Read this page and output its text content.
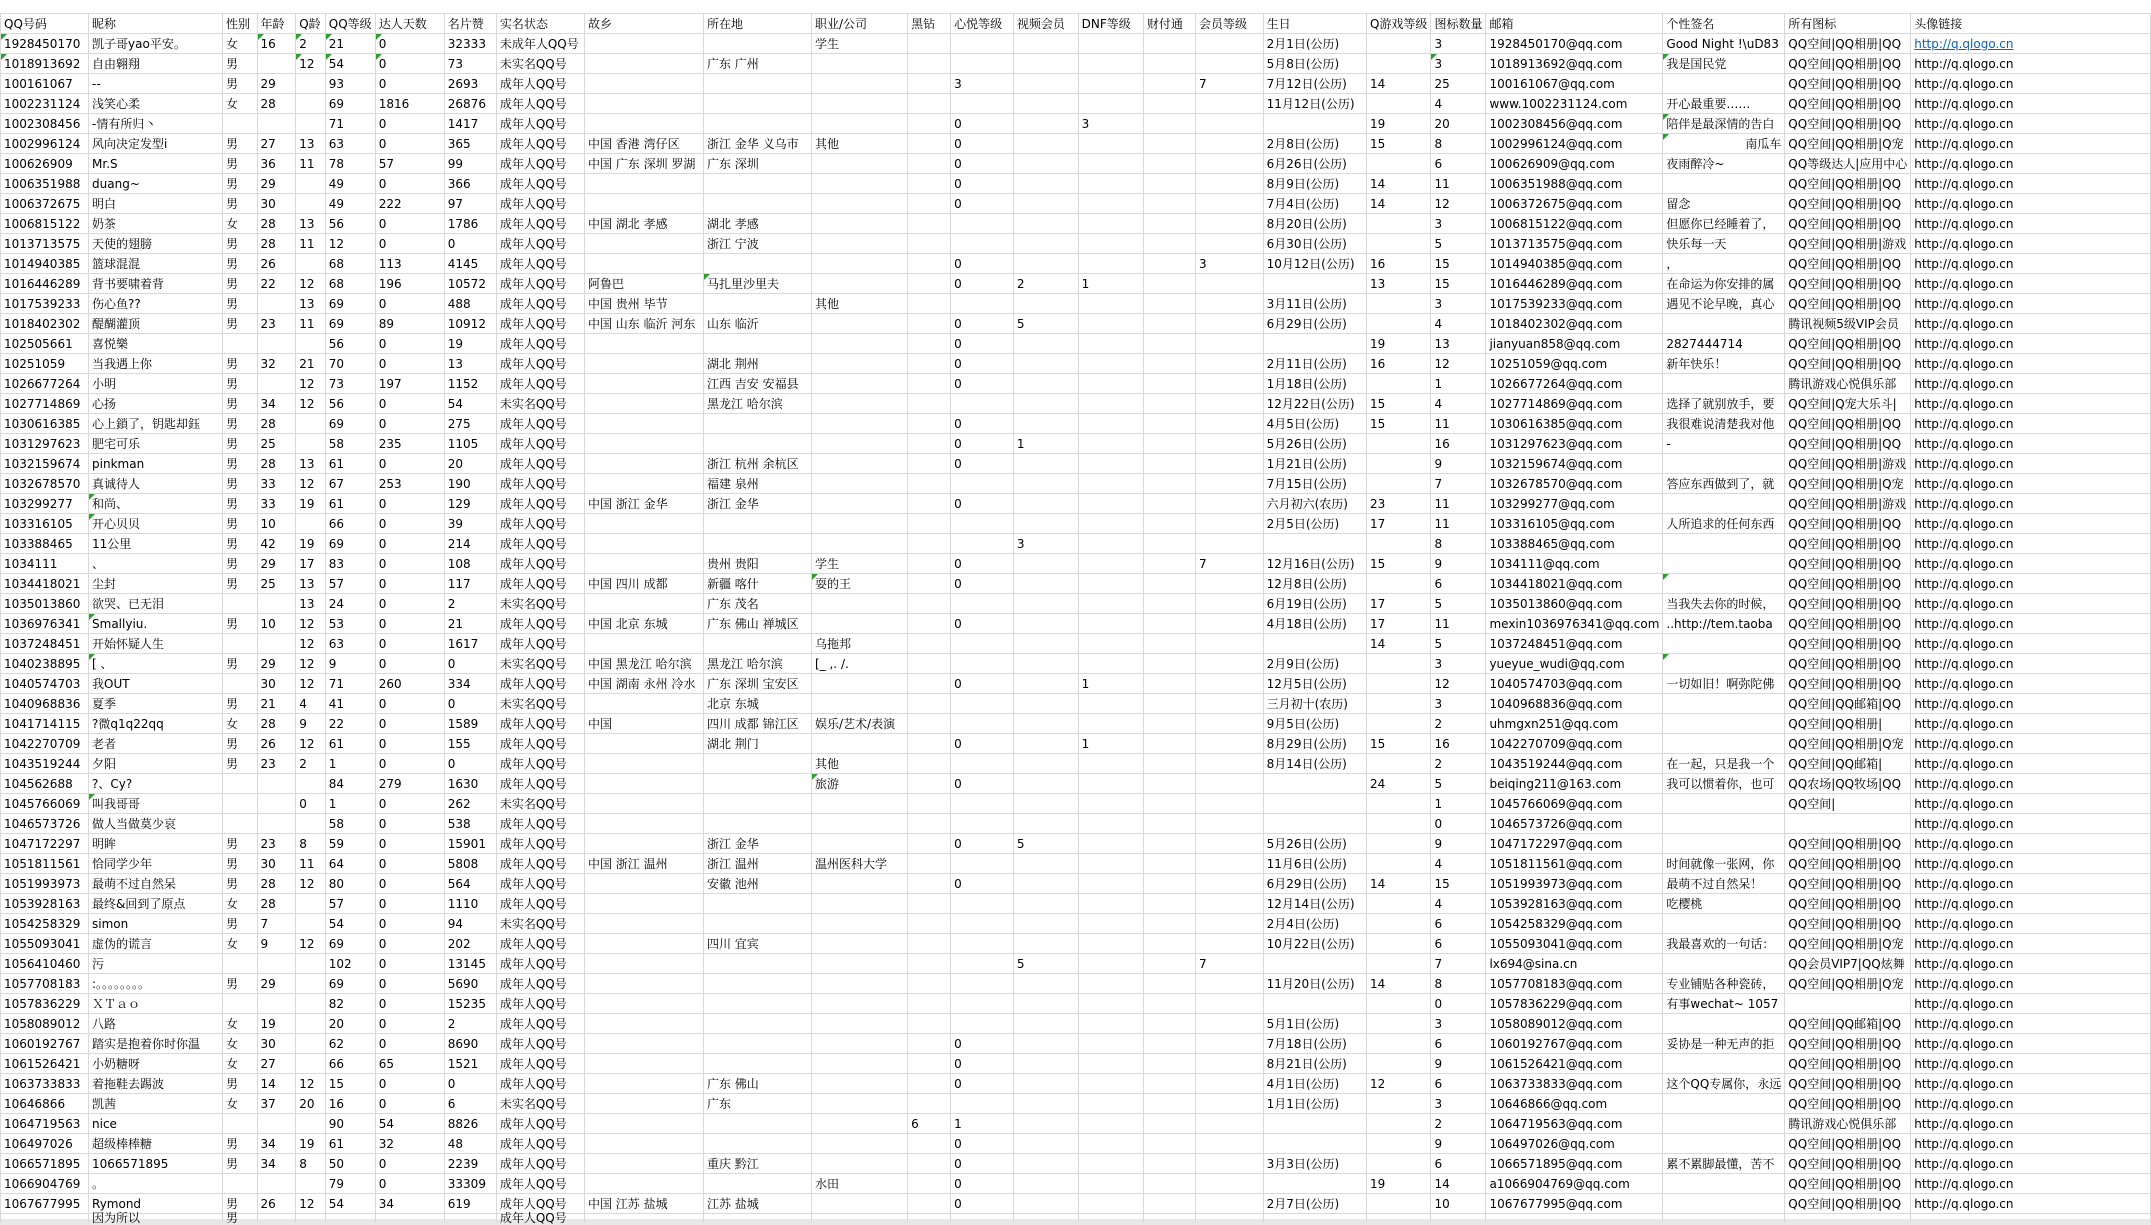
QQ号码	昵称	性别	年龄	Q龄	QQ等级	达人天数	名片赞	实名状态	故乡	所在地	职业/公司	黑钻	心悦等级	视频会员	DNF等级	财付通	会员等级	生日	Q游戏等级	图标数量	邮箱	个性签名	所有图标	头像链接
1928450170	凯子哥yao平安。	女	16	2	21	0	32333	未成年人QQ号			学生							2月1日(公历)		3	1928450170@qq.com	Good Night !\uD83	QQ空间|QQ相册|QQ	http://q.qlogo.cn
1018913692	自由翱翔	男		12	54	0	73	未实名QQ号		广东 广州								5月8日(公历)		3	1018913692@qq.com	我是国民党	QQ空间|QQ相册|QQ	http://q.qlogo.cn
100161067	--	男	29		93	0	2693	成年人QQ号					3				7	7月12日(公历)	14	25	100161067@qq.com		QQ空间|QQ相册|QQ	http://q.qlogo.cn
1002231124	浅笑心柔	女	28		69	1816	26876	成年人QQ号										11月12日(公历)		4	www.1002231124.com	开心最重要……	QQ空间|QQ相册|QQ	http://q.qlogo.cn
1002308456	-情有所归丶				71	0	1417	成年人QQ号					0		3				19	20	1002308456@qq.com	陪伴是最深情的告白	QQ空间|QQ相册|QQ	http://q.qlogo.cn
1002996124	风向决定发型i	男	27	13	63	0	365	成年人QQ号	中国 香港 湾仔区	浙江 金华 义乌市	其他		0					2月8日(公历)	15	8	1002996124@qq.com	南瓜车	QQ空间|QQ相册|Q宠	http://q.qlogo.cn
100626909	Mr.S	男	36	11	78	57	99	成年人QQ号	中国 广东 深圳 罗湖	广东 深圳			0					6月26日(公历)		6	100626909@qq.com	夜雨醉冷~	QQ等级达人|应用中心	http://q.qlogo.cn
1006351988	duang~	男	29		49	0	366	成年人QQ号					0					8月9日(公历)	14	11	1006351988@qq.com		QQ空间|QQ相册|QQ	http://q.qlogo.cn
1006372675	明白	男	30		49	222	97	成年人QQ号					0					7月4日(公历)	14	12	1006372675@qq.com	留念	QQ空间|QQ相册|QQ	http://q.qlogo.cn
1006815122	奶茶	女	28	13	56	0	1786	成年人QQ号	中国 湖北 孝感	湖北 孝感								8月20日(公历)		3	1006815122@qq.com	但愿你已经睡着了，	QQ空间|QQ相册|QQ	http://q.qlogo.cn
1013713575	天使的翅膀	男	28	11	12	0	0	成年人QQ号		浙江 宁波								6月30日(公历)		5	1013713575@qq.com	快乐每一天	QQ空间|QQ相册|游戏	http://q.qlogo.cn
1014940385	篮球混混	男	26		68	113	4145	成年人QQ号					0				3	10月12日(公历)	16	15	1014940385@qq.com	，	QQ空间|QQ相册|QQ	http://q.qlogo.cn
1016446289	背书要啸着背	男	22	12	68	196	10572	成年人QQ号	阿鲁巴	马扎里沙里夫			0	2	1				13	15	1016446289@qq.com	在命运为你安排的属	QQ空间|QQ相册|QQ	http://q.qlogo.cn
1017539233	伤心鱼??	男		13	69	0	488	成年人QQ号	中国 贵州 毕节		其他							3月11日(公历)		3	1017539233@qq.com	遇见不论早晚，真心	QQ空间|QQ相册|QQ	http://q.qlogo.cn
1018402302	醍醐灌顶	男	23	11	69	89	10912	成年人QQ号	中国 山东 临沂 河东	山东 临沂			0	5				6月29日(公历)		4	1018402302@qq.com		腾讯视频5级VIP会员	http://q.qlogo.cn
102505661	喜悦樂				56	0	19	成年人QQ号					0						19	13	jianyuan858@qq.com	2827444714	QQ空间|QQ相册|QQ	http://q.qlogo.cn
10251059	当我遇上你	男	32	21	70	0	13	成年人QQ号		湖北 荆州			0					2月11日(公历)	16	12	10251059@qq.com	新年快乐！	QQ空间|QQ相册|QQ	http://q.qlogo.cn
1026677264	小明	男		12	73	197	1152	成年人QQ号		江西 吉安 安福县			0					1月18日(公历)		1	1026677264@qq.com		腾讯游戏心悦俱乐部	http://q.qlogo.cn
1027714869	心扬	男	34	12	56	0	54	未实名QQ号		黑龙江 哈尔滨								12月22日(公历)	15	4	1027714869@qq.com	选择了就别放手，要	QQ空间|Q宠大乐斗|	http://q.qlogo.cn
1030616385	心上鎖了，钥匙却鈺	男	28		69	0	275	成年人QQ号					0					4月5日(公历)	15	11	1030616385@qq.com	我很难说清楚我对他	QQ空间|QQ相册|QQ	http://q.qlogo.cn
1031297623	肥宅可乐	男	25		58	235	1105	成年人QQ号					0	1				5月26日(公历)		16	1031297623@qq.com	-	QQ空间|QQ相册|QQ	http://q.qlogo.cn
1032159674	pinkman	男	28	13	61	0	20	成年人QQ号		浙江 杭州 余杭区			0					1月21日(公历)		9	1032159674@qq.com		QQ空间|QQ相册|游戏	http://q.qlogo.cn
1032678570	真诚待人	男	33	12	67	253	190	成年人QQ号		福建 泉州								7月15日(公历)		7	1032678570@qq.com	答应东西做到了，就	QQ空间|QQ相册|Q宠	http://q.qlogo.cn
103299277	和尚、	男	33	19	61	0	129	成年人QQ号	中国 浙江 金华	浙江 金华			0					六月初六(农历)	23	11	103299277@qq.com		QQ空间|QQ相册|游戏	http://q.qlogo.cn
103316105	开心贝贝	男	10		66	0	39	成年人QQ号										2月5日(公历)	17	11	103316105@qq.com	人所追求的任何东西	QQ空间|QQ相册|QQ	http://q.qlogo.cn
103388465	11公里	男	42	19	69	0	214	成年人QQ号						3						8	103388465@qq.com		QQ空间|QQ相册|QQ	http://q.qlogo.cn
1034111	、	男	29	17	83	0	108	成年人QQ号		贵州 贵阳	学生		0				7	12月16日(公历)	15	9	1034111@qq.com		QQ空间|QQ相册|QQ	http://q.qlogo.cn
1034418021	尘封	男	25	13	57	0	117	成年人QQ号	中国 四川 成都	新疆 喀什	耍的王		0					12月8日(公历)		6	1034418021@qq.com		QQ空间|QQ相册|QQ	http://q.qlogo.cn
1035013860	欲哭、已无泪			13	24	0	2	未实名QQ号		广东 茂名								6月19日(公历)	17	5	1035013860@qq.com	当我失去你的时候，	QQ空间|QQ相册|QQ	http://q.qlogo.cn
1036976341	Smallyiu.	男	10	12	53	0	21	成年人QQ号	中国 北京 东城	广东 佛山 禅城区			0					4月18日(公历)	17	11	mexin1036976341@qq.com	..http://tem.taoba	QQ空间|QQ相册|QQ	http://q.qlogo.cn
1037248451	开始怀疑人生			12	63	0	1617	成年人QQ号			乌拖邦								14	5	1037248451@qq.com		QQ空间|QQ相册|QQ	http://q.qlogo.cn
1040238895	[ 、	男	29	12	9	0	0	未实名QQ号	中国 黑龙江 哈尔滨	黑龙江 哈尔滨	[_ ,. /.							2月9日(公历)		3	yueyue_wudi@qq.com		QQ空间|QQ相册|QQ	http://q.qlogo.cn
1040574703	我OUT		30	12	71	260	334	成年人QQ号	中国 湖南 永州 冷水	广东 深圳 宝安区			0		1			12月5日(公历)		12	1040574703@qq.com	一切如旧！啊弥陀佛	QQ空间|QQ相册|QQ	http://q.qlogo.cn
1040968836	夏季	男	21	4	41	0	0	未实名QQ号		北京 东城								三月初十(农历)		3	1040968836@qq.com		QQ空间|QQ邮箱|QQ	http://q.qlogo.cn
1041714115	?微q1q22qq	女	28	9	22	0	1589	成年人QQ号	中国	四川 成都 锦江区	娱乐/艺术/表演							9月5日(公历)		2	uhmgxn251@qq.com		QQ空间|QQ相册|	http://q.qlogo.cn
1042270709	老者	男	26	12	61	0	155	成年人QQ号		湖北 荆门			0		1			8月29日(公历)	15	16	1042270709@qq.com		QQ空间|QQ相册|Q宠	http://q.qlogo.cn
1043519244	夕阳	男	23	2	1	0	0	成年人QQ号			其他							8月14日(公历)		2	1043519244@qq.com	在一起，只是我一个	QQ空间|QQ邮箱|	http://q.qlogo.cn
104562688	?、Cy?				84	279	1630	成年人QQ号			旅游		0						24	5	beiqing211@163.com	我可以惯着你，也可	QQ农场|QQ牧场|QQ	http://q.qlogo.cn
1045766069	叫我哥哥			0	1	0	262	未实名QQ号												1	1045766069@qq.com		QQ空间|	http://q.qlogo.cn
1046573726	做人当做莫少哀				58	0	538	成年人QQ号												0	1046573726@qq.com			http://q.qlogo.cn
1047172297	明眸	男	23	8	59	0	15901	成年人QQ号		浙江 金华			0	5				5月26日(公历)		9	1047172297@qq.com		QQ空间|QQ相册|QQ	http://q.qlogo.cn
1051811561	恰同学少年	男	30	11	64	0	5808	成年人QQ号	中国 浙江 温州	浙江 温州	温州医科大学							11月6日(公历)		4	1051811561@qq.com	时间就像一张网，你	QQ空间|QQ相册|QQ	http://q.qlogo.cn
1051993973	最萌不过自然呆	男	28	12	80	0	564	成年人QQ号		安徽 池州			0					6月29日(公历)	14	15	1051993973@qq.com	最萌不过自然呆！	QQ空间|QQ相册|QQ	http://q.qlogo.cn
1053928163	最终&回到了原点	女	28		57	0	1110	成年人QQ号										12月14日(公历)		4	1053928163@qq.com	吃樱桃	QQ空间|QQ相册|QQ	http://q.qlogo.cn
1054258329	simon	男	7		54	0	94	未实名QQ号										2月4日(公历)		6	1054258329@qq.com		QQ空间|QQ相册|QQ	http://q.qlogo.cn
1055093041	虚伪的谎言	女	9	12	69	0	202	成年人QQ号		四川 宜宾								10月22日(公历)		6	1055093041@qq.com	我最喜欢的一句话：	QQ空间|QQ相册|Q宠	http://q.qlogo.cn
1056410460	污				102	0	13145	成年人QQ号						5			7			7	lx694@sina.cn		QQ会员VIP7|QQ炫舞	http://q.qlogo.cn
1057708183	:。。。。。。。。	男	29		69	0	5690	成年人QQ号										11月20日(公历)	14	8	1057708183@qq.com	专业铺贴各种瓷砖，	QQ空间|QQ相册|Q宠	http://q.qlogo.cn
1057836229	ＸＴａｏ				82	0	15235	成年人QQ号												0	1057836229@qq.com	有事wechat~ 1057		http://q.qlogo.cn
1058089012	八路	女	19		20	0	2	成年人QQ号										5月1日(公历)		3	1058089012@qq.com		QQ空间|QQ邮箱|QQ	http://q.qlogo.cn
1060192767	踏实是抱着你时你温	女	30		62	0	8690	成年人QQ号					0					7月18日(公历)		6	1060192767@qq.com	妥协是一种无声的拒	QQ空间|QQ相册|QQ	http://q.qlogo.cn
1061526421	小奶糖呀	女	27		66	65	1521	成年人QQ号					0					8月21日(公历)		9	1061526421@qq.com		QQ空间|QQ相册|QQ	http://q.qlogo.cn
1063733833	着拖鞋去踢波	男	14	12	15	0	0	成年人QQ号		广东 佛山			0					4月1日(公历)	12	6	1063733833@qq.com	这个QQ专属你，永远	QQ空间|QQ相册|QQ	http://q.qlogo.cn
10646866	凯茜	女	37	20	16	0	6	未实名QQ号		广东								1月1日(公历)		3	10646866@qq.com		QQ空间|QQ相册|QQ	http://q.qlogo.cn
1064719563	nice				90	54	8826	成年人QQ号				6	1							2	1064719563@qq.com		腾讯游戏心悦俱乐部	http://q.qlogo.cn
106497026	超级棒棒糖	男	34	19	61	32	48	成年人QQ号					0							9	106497026@qq.com		QQ空间|QQ相册|QQ	http://q.qlogo.cn
1066571895	1066571895	男	34	8	50	0	2239	成年人QQ号		重庆 黔江			0					3月3日(公历)		6	1066571895@qq.com	累不累脚最懂，苦不	QQ空间|QQ相册|QQ	http://q.qlogo.cn
1066904769	。				79	0	33309	成年人QQ号			水田		0						19	14	a1066904769@qq.com		QQ空间|QQ相册|QQ	http://q.qlogo.cn
1067677995	Rymond	男	26	12	54	34	619	成年人QQ号	中国 江苏 盐城	江苏 盐城			0					2月7日(公历)		10	1067677995@qq.com		QQ空间|QQ相册|QQ	http://q.qlogo.cn
	因为所以	男						成年人QQ号																
